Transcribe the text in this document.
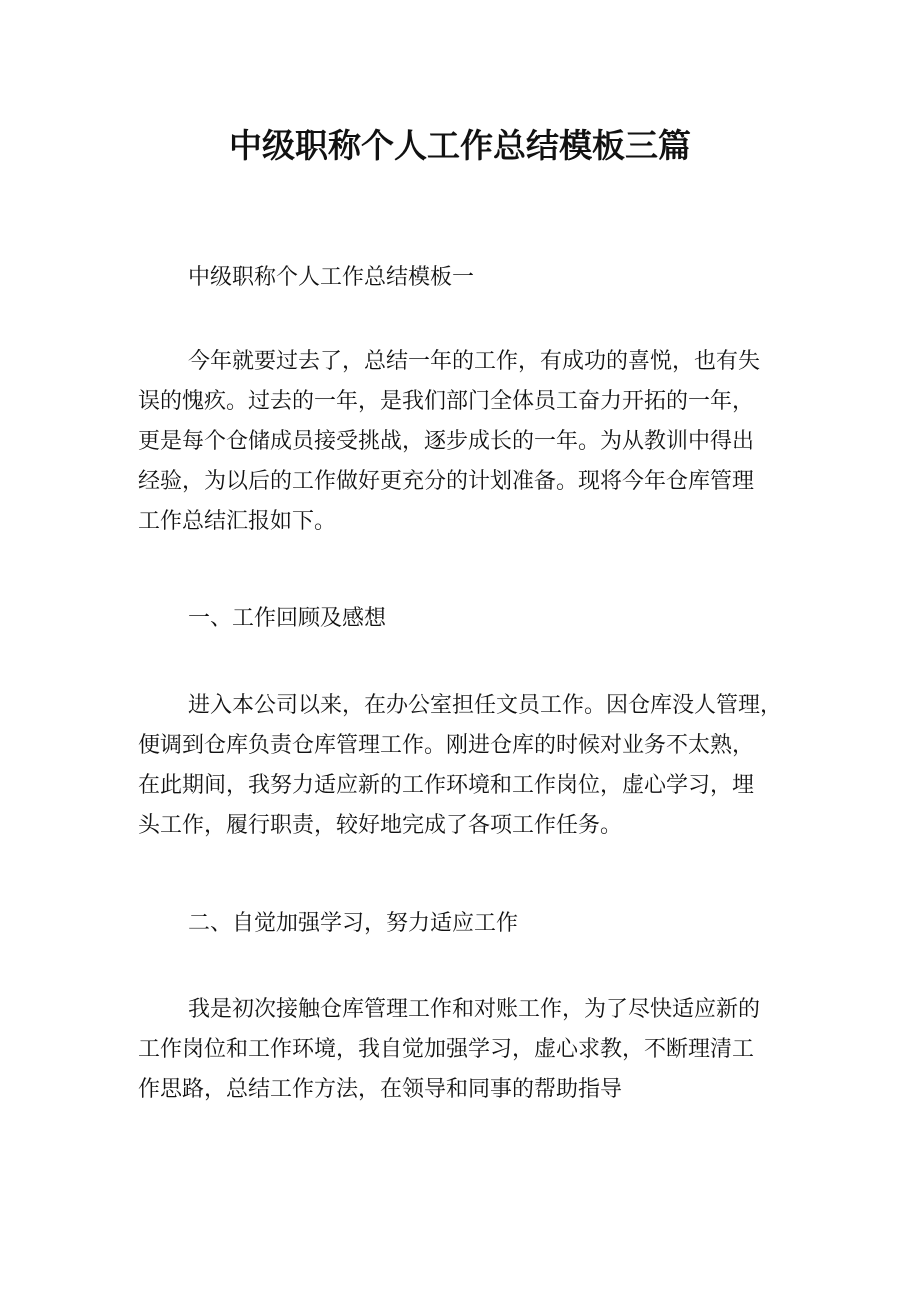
中级职称个人工作总结模板三篇

中级职称个人工作总结模板一

今年就要过去了，总结一年的工作，有成功的喜悦，也有失
误的愧疚。过去的一年，是我们部门全体员工奋力开拓的一年，
更是每个仓储成员接受挑战，逐步成长的一年。为从教训中得出
经验，为以后的工作做好更充分的计划准备。现将今年仓库管理
工作总结汇报如下。

一、工作回顾及感想

进入本公司以来，在办公室担任文员工作。因仓库没人管理，
便调到仓库负责仓库管理工作。刚进仓库的时候对业务不太熟，
在此期间，我努力适应新的工作环境和工作岗位，虚心学习，埋
头工作，履行职责，较好地完成了各项工作任务。

二、自觉加强学习，努力适应工作

我是初次接触仓库管理工作和对账工作，为了尽快适应新的
工作岗位和工作环境，我自觉加强学习，虚心求教，不断理清工
作思路，总结工作方法，在领导和同事的帮助指导
